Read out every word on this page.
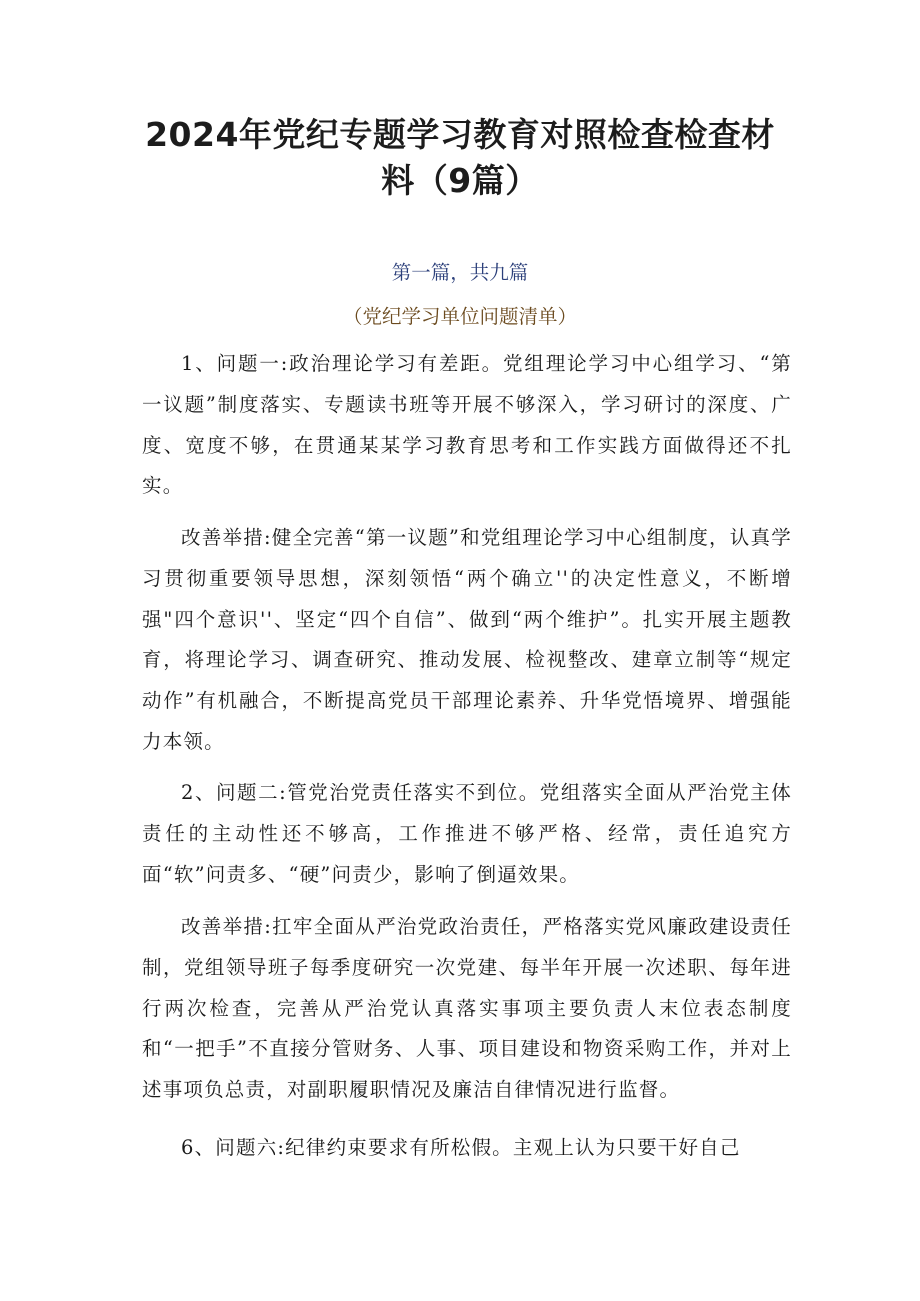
2024年党纪专题学习教育对照检查检查材
料（9篇）

第一篇，共九篇

（党纪学习单位问题清单）

1、问题一:政治理论学习有差距。党组理论学习中心组学习、“第一议题”制度落实、专题读书班等开展不够深入，学习研讨的深度、广度、宽度不够，在贯通某某学习教育思考和工作实践方面做得还不扎实。

改善举措:健全完善“第一议题”和党组理论学习中心组制度，认真学习贯彻重要领导思想，深刻领悟“两个确立''的决定性意义，不断增强"四个意识''、坚定“四个自信”、做到“两个维护”。扎实开展主题教育，将理论学习、调查研究、推动发展、检视整改、建章立制等“规定动作”有机融合，不断提高党员干部理论素养、升华党悟境界、增强能力本领。

2、问题二:管党治党责任落实不到位。党组落实全面从严治党主体责任的主动性还不够高，工作推进不够严格、经常，责任追究方面“软”问责多、“硬”问责少，影响了倒逼效果。

改善举措:扛牢全面从严治党政治责任，严格落实党风廉政建设责任制，党组领导班子每季度研究一次党建、每半年开展一次述职、每年进行两次检查，完善从严治党认真落实事项主要负责人末位表态制度和“一把手”不直接分管财务、人事、项目建设和物资采购工作，并对上述事项负总责，对副职履职情况及廉洁自律情况进行监督。

6、问题六:纪律约束要求有所松假。主观上认为只要干好自己
